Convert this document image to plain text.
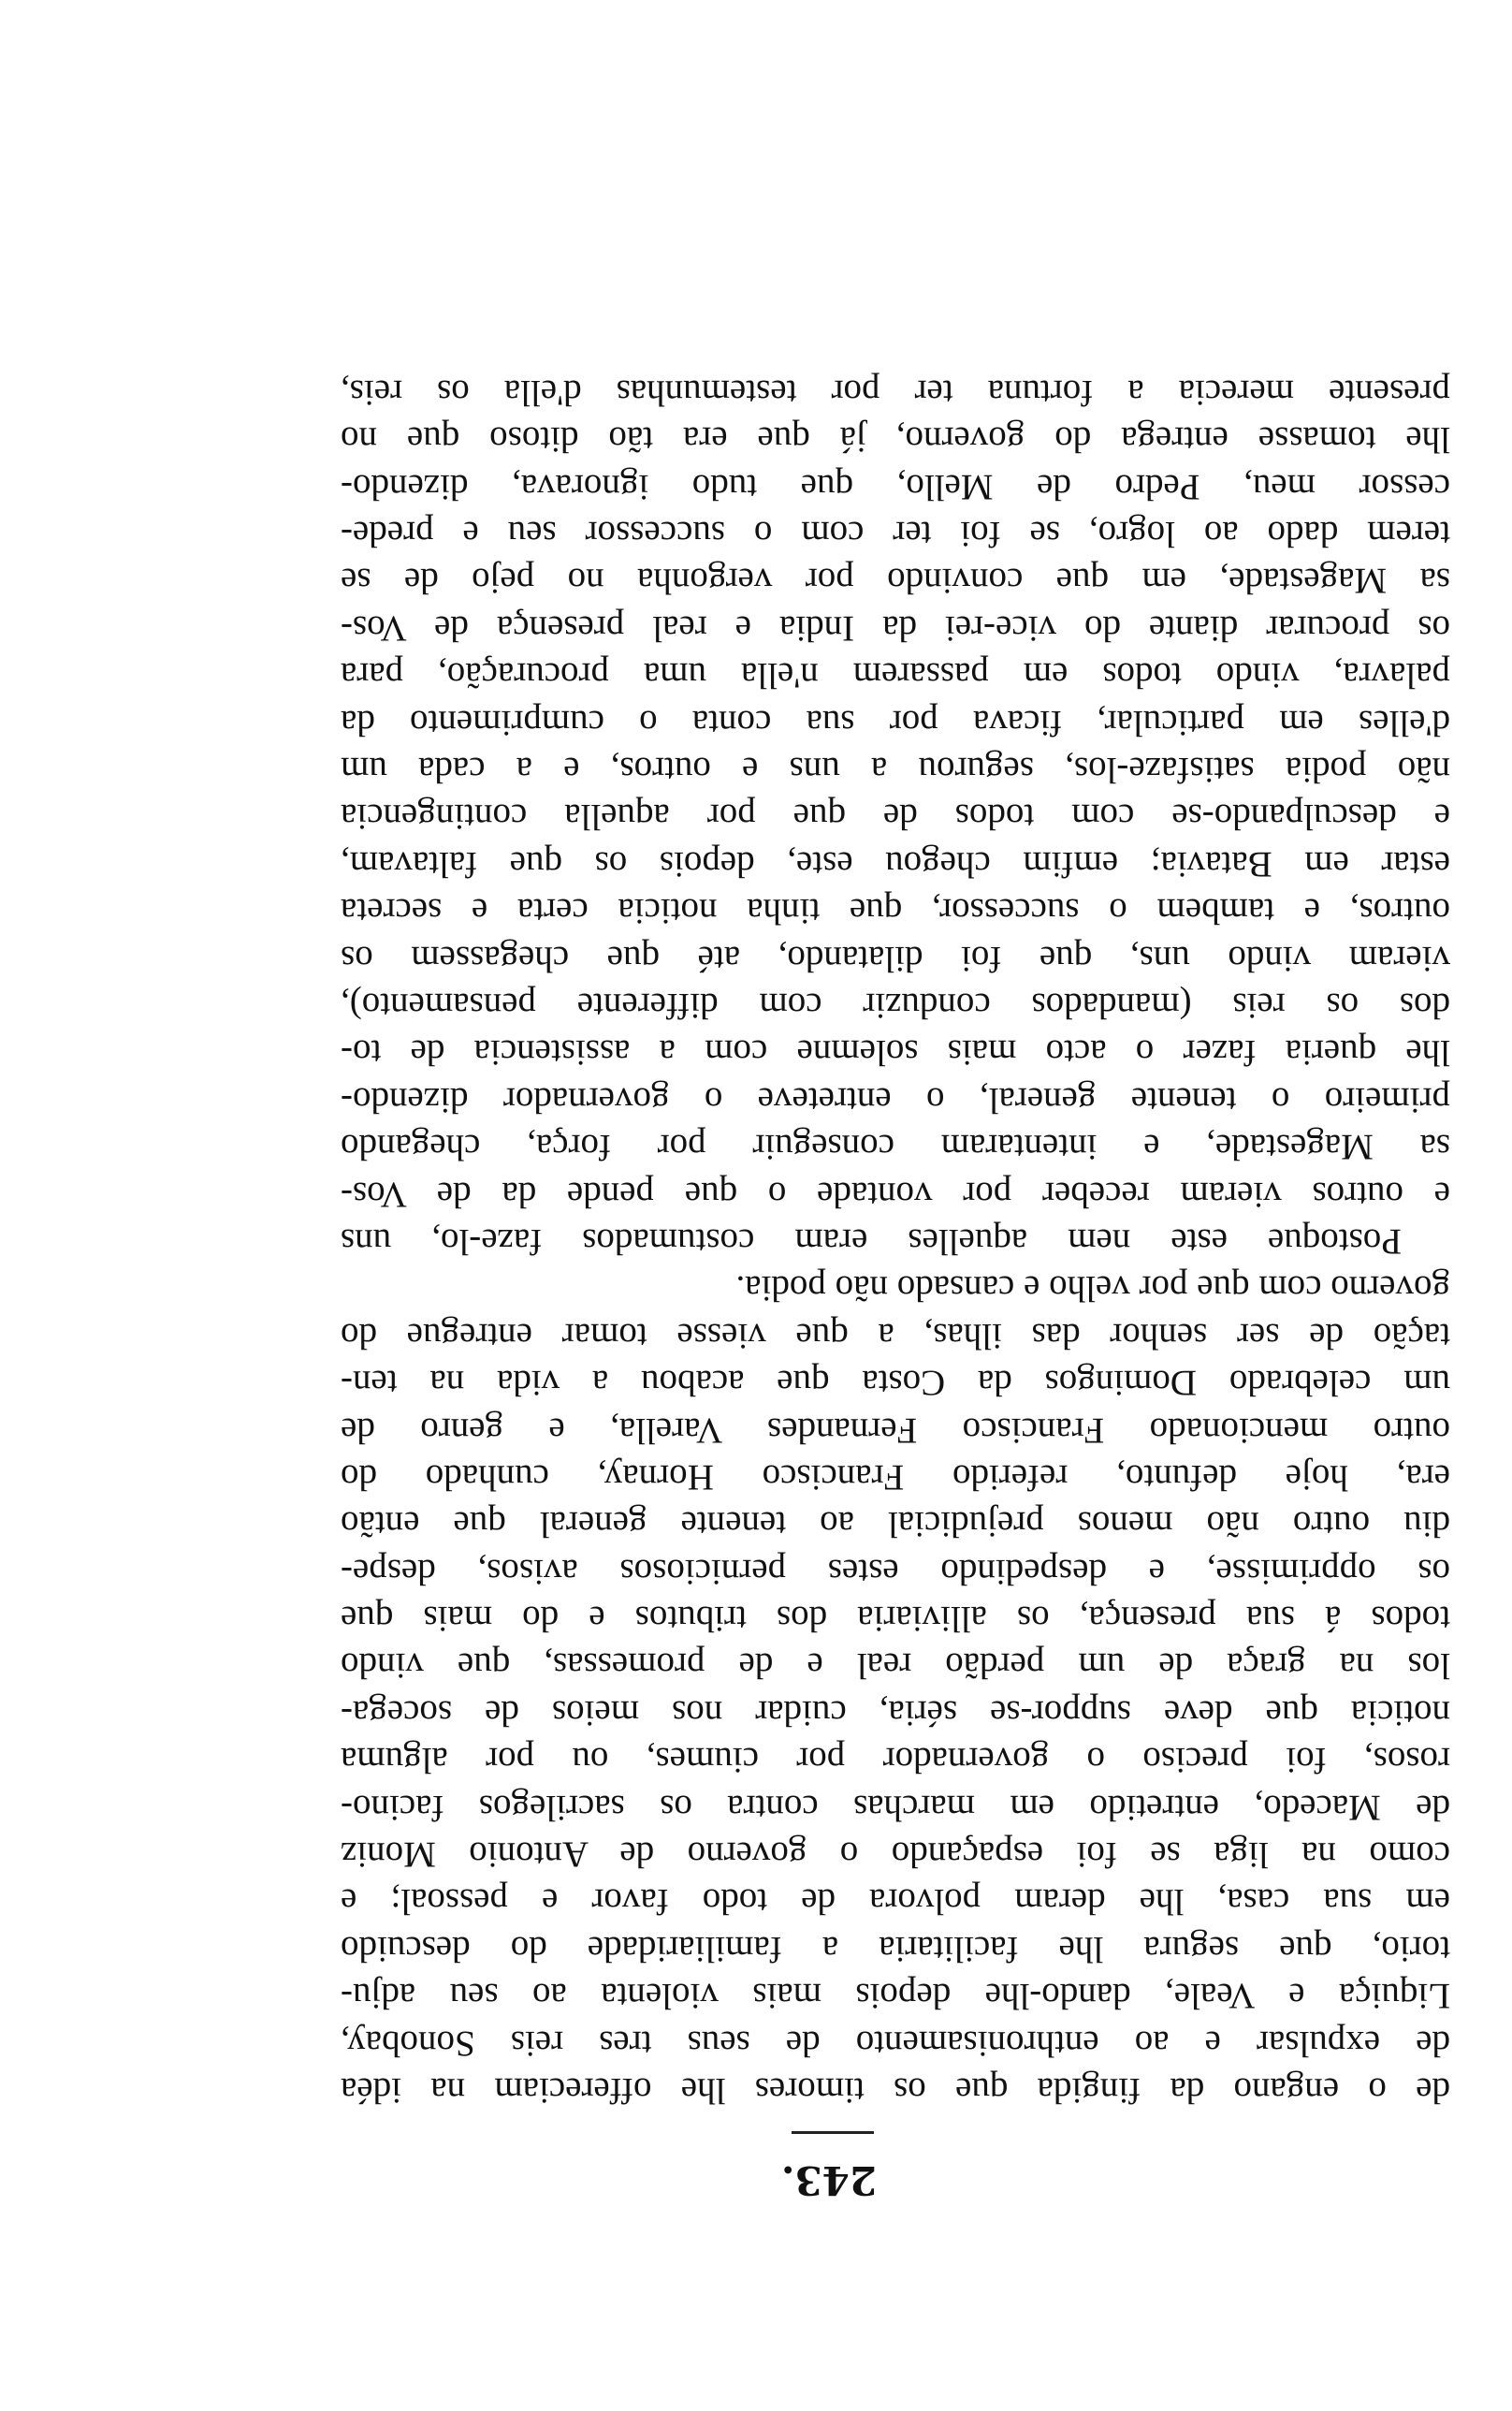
243.
de o engano da fingida que os timores lhe offereciam na idéa
de expulsar e ao enthronisamento de seus tres reis Sonobay,
Liquiça e Veale, dando-lhe depois mais violenta ao seu adju-
torio, que segura lhe facilitaria a familiaridade do descuido
em sua casa, lhe deram polvora de todo favor e pessoal; e
como na liga se foi espaçando o governo de Antonio Moniz
de Macedo, entretido em marchas contra os sacrilegos facino-
rosos, foi preciso o governador por ciumes, ou por alguma
noticia que deve suppor-se séria, cuidar nos meios de socega-
los na graça de um perdão real e de promessas, que vindo
todos á sua presença, os alliviaria dos tributos e do mais que
os opprimisse, e despedindo estes perniciosos avisos, despe-
diu outro não menos prejudicial ao tenente general que então
era, hoje defunto, referido Francisco Hornay, cunhado do
outro mencionado Francisco Fernandes Varella, e genro de
um celebrado Domingos da Costa que acabou a vida na ten-
tação de ser senhor das ilhas, a que viesse tomar entregue do
governo com que por velho e cansado não podia.
Postoque este nem aquelles eram costumados faze-lo, uns
e outros vieram receber por vontade o que pende da de Vos-
sa Magestade, e intentaram conseguir por força, chegando
primeiro o tenente general, o entreteve o governador dizendo-
lhe queria fazer o acto mais solemne com a assistencia de to-
dos os reis (mandados conduzir com differente pensamento),
vieram vindo uns, que foi dilatando, até que chegassem os
outros, e tambem o successor, que tinha noticia certa e secreta
estar em Batavia; emfim chegou este, depois os que faltavam,
e desculpando-se com todos de que por aquella contingencia
não podia satisfaze-los, segurou a uns e outros, e a cada um
d'elles em particular, ficava por sua conta o cumprimento da
palavra, vindo todos em passarem n'ella uma procuração, para
os procurar diante do vice-rei da India e real presença de Vos-
sa Magestade, em que convindo por vergonha no pejo de se
terem dado ao logro, se foi ter com o successor seu e prede-
cessor meu, Pedro de Mello, que tudo ignorava, dizendo-
lhe tomasse entrega do governo, já que era tão ditoso que no
presente merecia a fortuna ter por testemunhas d'ella os reis,
